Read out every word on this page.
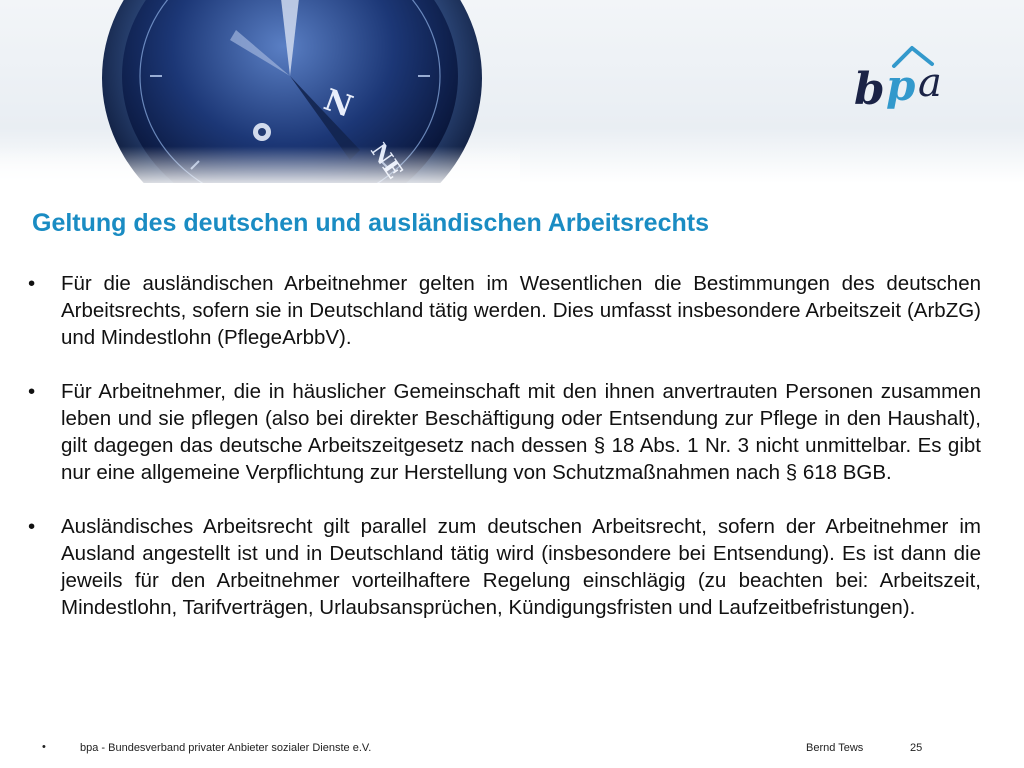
b p a
Geltung des deutschen und ausländischen Arbeitsrechts
• Für die ausländischen Arbeitnehmer gelten im Wesentlichen die Bestimmungen des deutschen Arbeitsrechts, sofern sie in Deutschland tätig werden. Dies umfasst insbesondere Arbeitszeit (ArbZG) und Mindestlohn (PflegeArbbV).
• Für Arbeitnehmer, die in häuslicher Gemeinschaft mit den ihnen anvertrauten Personen zusammen leben und sie pflegen (also bei direkter Beschäftigung oder Entsendung zur Pflege in den Haushalt), gilt dagegen das deutsche Arbeitszeitgesetz nach dessen § 18 Abs. 1 Nr. 3 nicht unmittelbar. Es gibt nur eine allgemeine Verpflichtung zur Herstellung von Schutzmaßnahmen nach § 618 BGB.
• Ausländisches Arbeitsrecht gilt parallel zum deutschen Arbeitsrecht, sofern der Arbeitnehmer im Ausland angestellt ist und in Deutschland tätig wird (insbesondere bei Entsendung). Es ist dann die jeweils für den Arbeitnehmer vorteilhaftere Regelung einschlägig (zu beachten bei: Arbeitszeit, Mindestlohn, Tarifverträgen, Urlaubsansprüchen, Kündigungsfristen und Laufzeitbefristungen).
•	bpa - Bundesverband privater Anbieter sozialer Dienste e.V.	Bernd Tews	25
